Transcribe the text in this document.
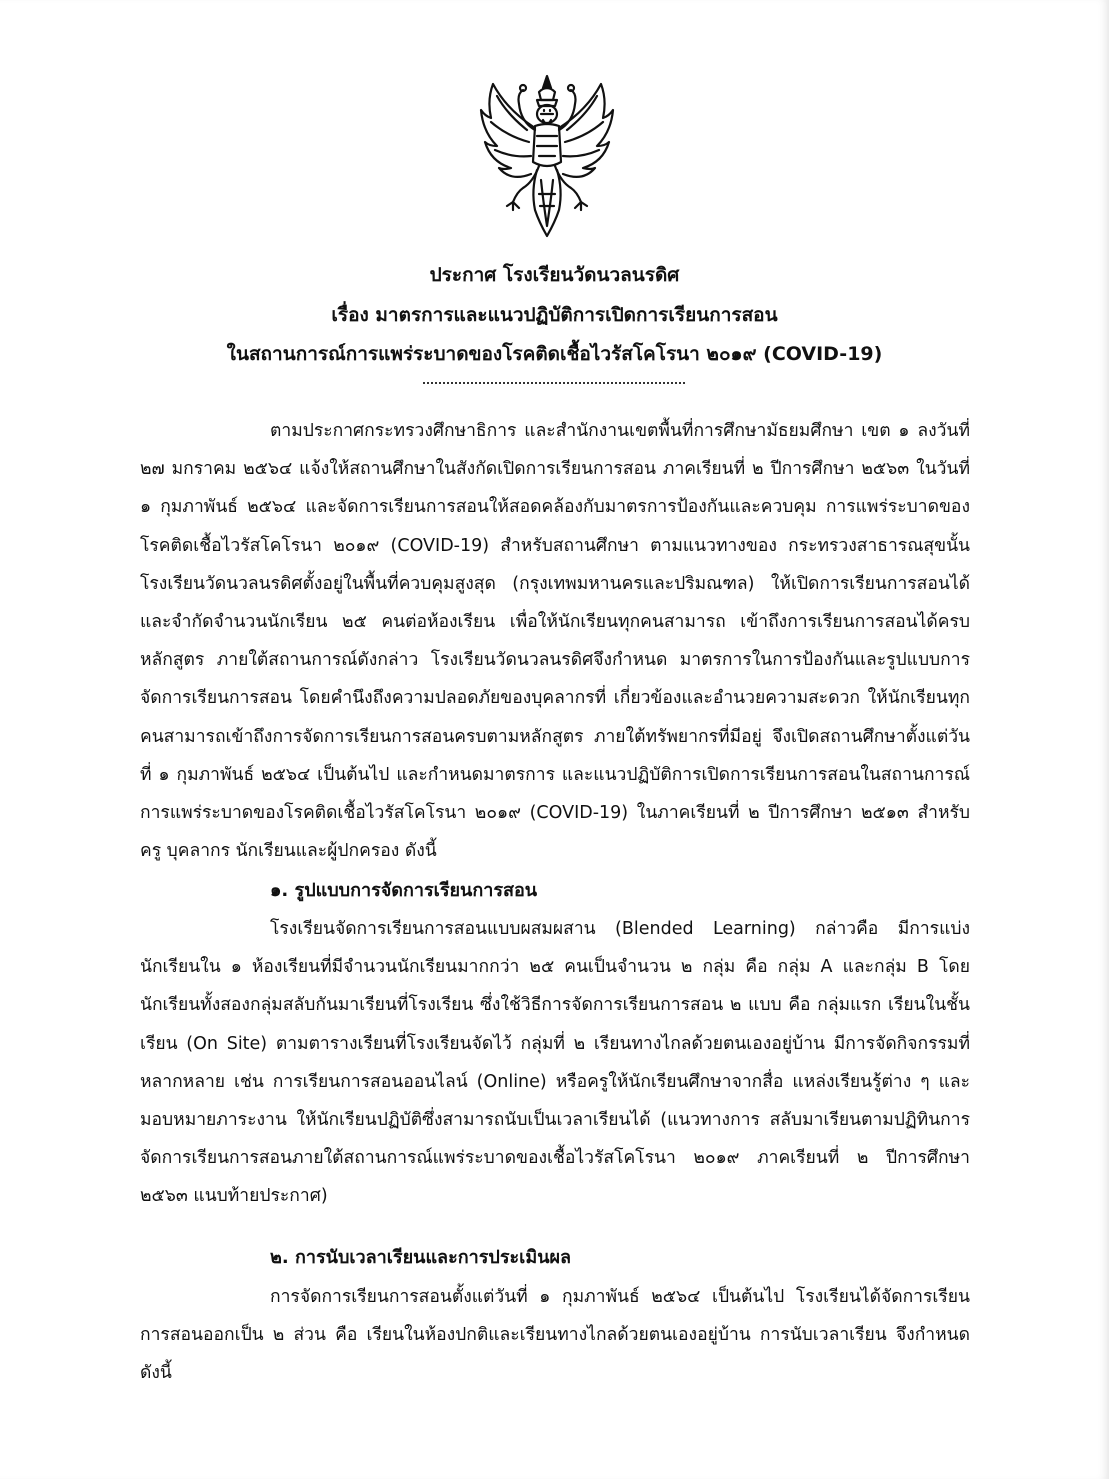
ประกาศ โรงเรียนวัดนวลนรดิศ
เรื่อง มาตรการและแนวปฏิบัติการเปิดการเรียนการสอน
ในสถานการณ์การแพร่ระบาดของโรคติดเชื้อไวรัสโคโรนา ๒๐๑๙ (COVID-19)
ตามประกาศกระทรวงศึกษาธิการ และสำนักงานเขตพื้นที่การศึกษามัธยมศึกษา เขต ๑ ลงวันที่ ๒๗ มกราคม ๒๕๖๔ แจ้งให้สถานศึกษาในสังกัดเปิดการเรียนการสอน ภาคเรียนที่ ๒ ปีการศึกษา ๒๕๖๓ ในวันที่ ๑ กุมภาพันธ์ ๒๕๖๔ และจัดการเรียนการสอนให้สอดคล้องกับมาตรการป้องกันและควบคุม การแพร่ระบาดของ โรคติดเชื้อไวรัสโคโรนา ๒๐๑๙ (COVID-19) สำหรับสถานศึกษา ตามแนวทางของ กระทรวงสาธารณสุขนั้น โรงเรียนวัดนวลนรดิศตั้งอยู่ในพื้นที่ควบคุมสูงสุด (กรุงเทพมหานครและปริมณฑล) ให้เปิดการเรียนการสอนได้ และจำกัดจำนวนนักเรียน ๒๕ คนต่อห้องเรียน เพื่อให้นักเรียนทุกคนสามารถ เข้าถึงการเรียนการสอนได้ครบ หลักสูตร ภายใต้สถานการณ์ดังกล่าว โรงเรียนวัดนวลนรดิศจึงกำหนด มาตรการในการป้องกันและรูปแบบการจัดการเรียนการสอน โดยคำนึงถึงความปลอดภัยของบุคลากรที่ เกี่ยวข้องและอำนวยความสะดวก ให้นักเรียนทุกคนสามารถเข้าถึงการจัดการเรียนการสอนครบตามหลักสูตร ภายใต้ทรัพยากรที่มีอยู่ จึงเปิดสถานศึกษาตั้งแต่วันที่ ๑ กุมภาพันธ์ ๒๕๖๔ เป็นต้นไป และกำหนดมาตรการ และแนวปฏิบัติการเปิดการเรียนการสอนในสถานการณ์การแพร่ระบาดของโรคติดเชื้อไวรัสโคโรนา ๒๐๑๙ (COVID-19) ในภาคเรียนที่ ๒ ปีการศึกษา ๒๕๑๓ สำหรับ ครู บุคลากร นักเรียนและผู้ปกครอง ดังนี้
๑. รูปแบบการจัดการเรียนการสอน
โรงเรียนจัดการเรียนการสอนแบบผสมผสาน (Blended Learning) กล่าวคือ มีการแบ่ง นักเรียนใน ๑ ห้องเรียนที่มีจำนวนนักเรียนมากกว่า ๒๕ คนเป็นจำนวน ๒ กลุ่ม คือ กลุ่ม A และกลุ่ม B โดยนักเรียนทั้งสองกลุ่มสลับกันมาเรียนที่โรงเรียน ซึ่งใช้วิธีการจัดการเรียนการสอน ๒ แบบ คือ กลุ่มแรก เรียนในชั้นเรียน (On Site) ตามตารางเรียนที่โรงเรียนจัดไว้ กลุ่มที่ ๒ เรียนทางไกลด้วยตนเองอยู่บ้าน มีการจัดกิจกรรมที่หลากหลาย เช่น การเรียนการสอนออนไลน์ (Online) หรือครูให้นักเรียนศึกษาจากสื่อ แหล่งเรียนรู้ต่าง ๆ และมอบหมายภาระงาน ให้นักเรียนปฏิบัติซึ่งสามารถนับเป็นเวลาเรียนได้ (แนวทางการ สลับมาเรียนตามปฏิทินการจัดการเรียนการสอนภายใต้สถานการณ์แพร่ระบาดของเชื้อไวรัสโคโรนา ๒๐๑๙ ภาคเรียนที่ ๒ ปีการศึกษา ๒๕๖๓ แนบท้ายประกาศ)
๒. การนับเวลาเรียนและการประเมินผล
การจัดการเรียนการสอนตั้งแต่วันที่ ๑ กุมภาพันธ์ ๒๕๖๔ เป็นต้นไป โรงเรียนได้จัดการเรียน การสอนออกเป็น ๒ ส่วน คือ เรียนในห้องปกติและเรียนทางไกลด้วยตนเองอยู่บ้าน การนับเวลาเรียน จึงกำหนด ดังนี้
